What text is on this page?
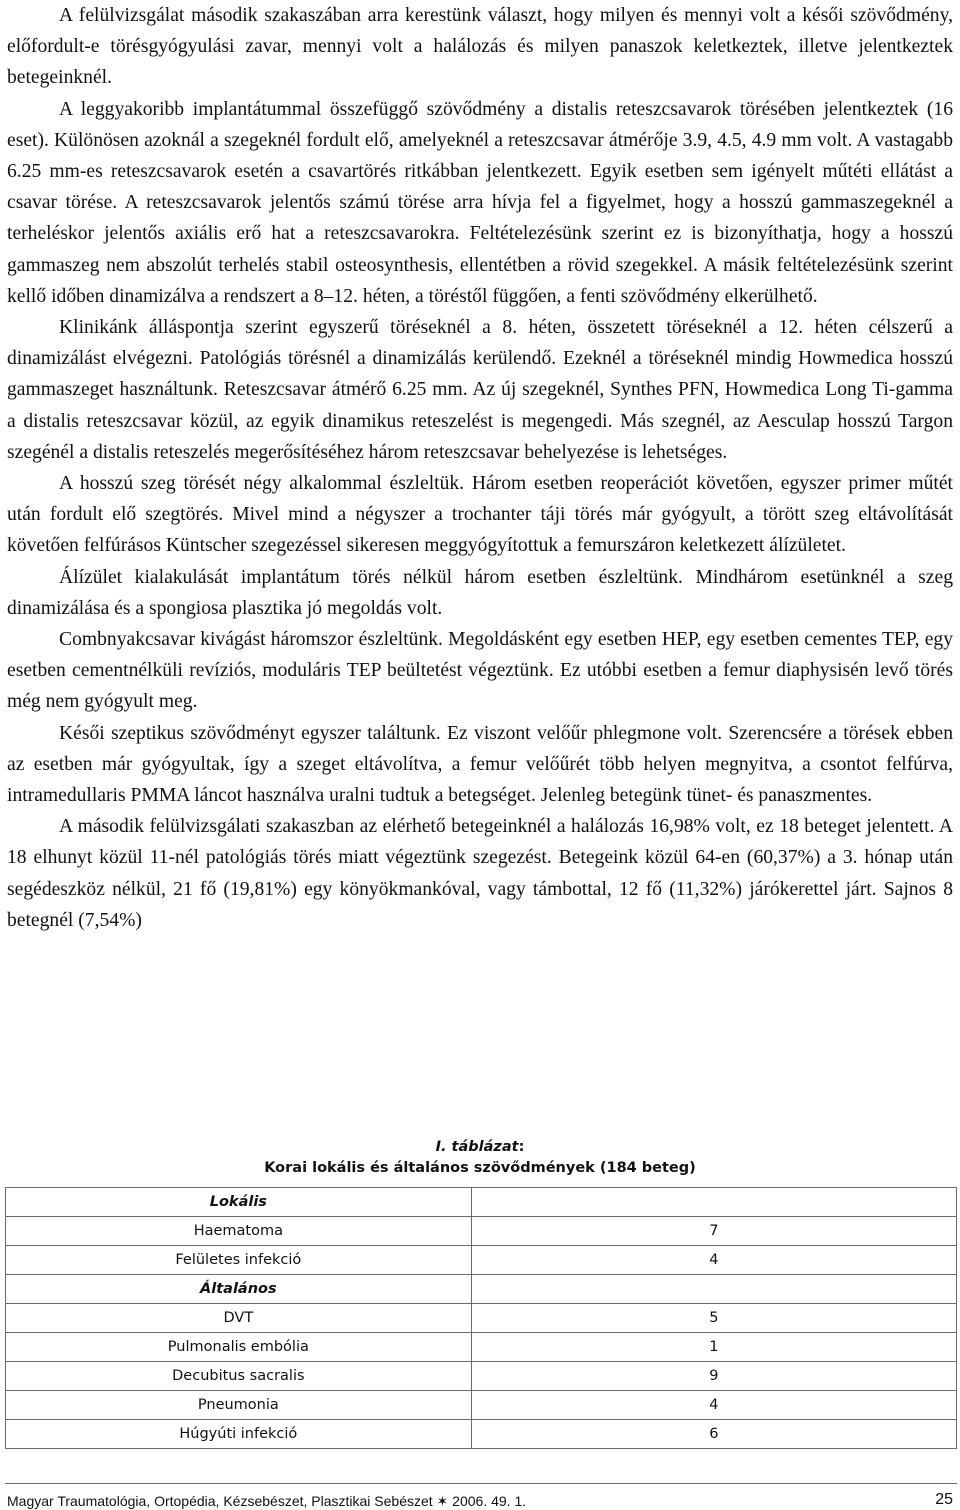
A felülvizsgálat második szakaszában arra kerestünk választ, hogy milyen és mennyi volt a késői szövődmény, előfordult-e törésgyógyulási zavar, mennyi volt a halálozás és milyen panaszok keletkeztek, illetve jelentkeztek betegeinknél.

A leggyakoribb implantátummal összefüggő szövődmény a distalis reteszcsavarok törésében jelentkeztek (16 eset). Különösen azoknál a szegeknél fordult elő, amelyeknél a reteszcsavar átmérője 3.9, 4.5, 4.9 mm volt. A vastagabb 6.25 mm-es reteszcsavarok esetén a csavartörés ritkábban jelentkezett. Egyik esetben sem igényelt műtéti ellátást a csavar törése. A reteszcsavarok jelentős számú törése arra hívja fel a figyelmet, hogy a hosszú gammaszegeknél a terheléskor jelentős axiális erő hat a reteszcsavarokra. Feltételezésünk szerint ez is bizonyíthatja, hogy a hosszú gammaszeg nem abszolút terhelés stabil osteosynthesis, ellentétben a rövid szegekkel. A másik feltételezésünk szerint kellő időben dinamizálva a rendszert a 8–12. héten, a töréstől függően, a fenti szövődmény elkerülhető.

Klinikánk álláspontja szerint egyszerű töréseknél a 8. héten, összetett töréseknél a 12. héten célszerű a dinamizálást elvégezni. Patológiás törésnél a dinamizálás kerülendő. Ezeknél a töréseknél mindig Howmedica hosszú gammaszeget használtunk. Reteszcsavar átmérő 6.25 mm. Az új szegeknél, Synthes PFN, Howmedica Long Ti-gamma a distalis reteszcsavar közül, az egyik dinamikus reteszelést is megengedi. Más szegnél, az Aesculap hosszú Targon szegénél a distalis reteszelés megerősítéséhez három reteszcsavar behelyezése is lehetséges.

A hosszú szeg törését négy alkalommal észleltük. Három esetben reoperációt követően, egyszer primer műtét után fordult elő szegtörés. Mivel mind a négyszer a trochanter táji törés már gyógyult, a törött szeg eltávolítását követően felfúrásos Küntscher szegezéssel sikeresen meggyógyítottuk a femurszáron keletkezett álízületet.

Álízület kialakulását implantátum törés nélkül három esetben észleltünk. Mindhárom esetünknél a szeg dinamizálása és a spongiosa plasztika jó megoldás volt.

Combnyakcsavar kivágást háromszor észleltünk. Megoldásként egy esetben HEP, egy esetben cementes TEP, egy esetben cementnélküli revíziós, moduláris TEP beültetést végeztünk. Ez utóbbi esetben a femur diaphysisén levő törés még nem gyógyult meg.

Késői szeptikus szövődményt egyszer találtunk. Ez viszont velőűr phlegmone volt. Szerencsére a törések ebben az esetben már gyógyultak, így a szeget eltávolítva, a femur velőűrét több helyen megnyitva, a csontot felfúrva, intramedullaris PMMA láncot használva uralni tudtuk a betegséget. Jelenleg betegünk tünet- és panaszmentes.

A második felülvizsgálati szakaszban az elérhető betegeinknél a halálozás 16,98% volt, ez 18 beteget jelentett. A 18 elhunyt közül 11-nél patológiás törés miatt végeztünk szegezést. Betegeink közül 64-en (60,37%) a 3. hónap után segédeszköz nélkül, 21 fő (19,81%) egy könyökmankóval, vagy támbottal, 12 fő (11,32%) járókerettel járt. Sajnos 8 betegnél (7,54%)

I. táblázat:
Korai lokális és általános szövődmények (184 beteg)
Lokális	
Haematoma	7
Felületes infekció	4
Általános	
DVT	5
Pulmonalis embólia	1
Decubitus sacralis	9
Pneumonia	4
Húgyúti infekció	6
Magyar Traumatológia, Ortopédia, Kézsebészet, Plasztikai Sebészet ✶ 2006. 49. 1.	25
